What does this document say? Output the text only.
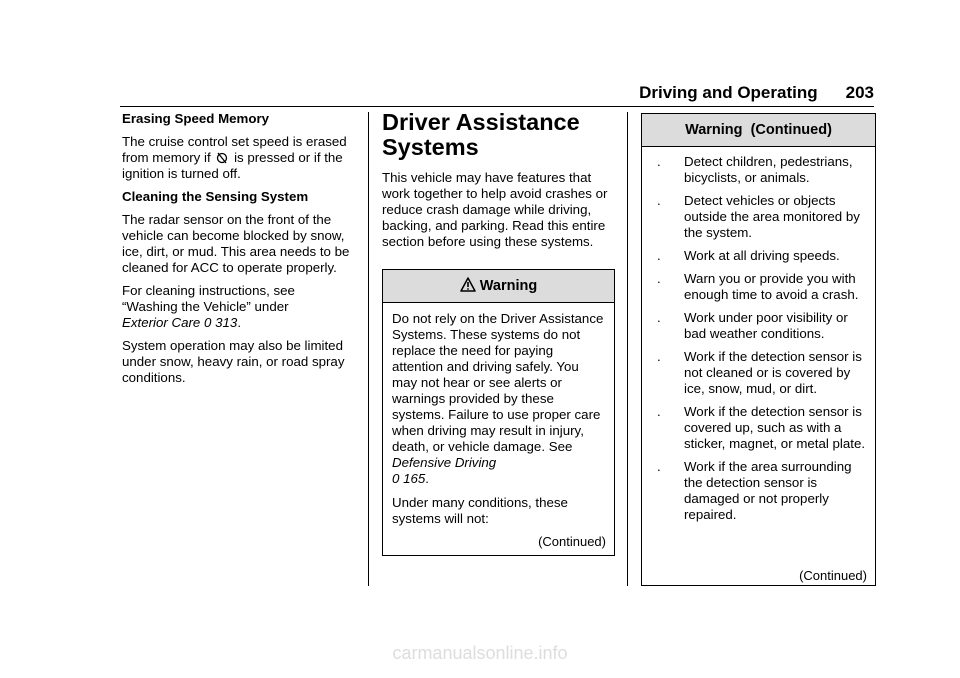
Driving and Operating 203

Erasing Speed Memory

The cruise control set speed is erased from memory if is pressed or if the ignition is turned off.

Cleaning the Sensing System

The radar sensor on the front of the vehicle can become blocked by snow, ice, dirt, or mud. This area needs to be cleaned for ACC to operate properly.

For cleaning instructions, see
“Washing the Vehicle” under
Exterior Care 0 313.

System operation may also be limited under snow, heavy rain, or road spray conditions.

Driver Assistance Systems

This vehicle may have features that work together to help avoid crashes or reduce crash damage while driving, backing, and parking. Read this entire section before using these systems.

Warning

Do not rely on the Driver Assistance Systems. These systems do not replace the need for paying attention and driving safely. You may not hear or see alerts or warnings provided by these systems. Failure to use proper care when driving may result in injury, death, or vehicle damage. See Defensive Driving
0 165.

Under many conditions, these systems will not:

(Continued)
Warning  (Continued)
.	Detect children, pedestrians, bicyclists, or animals.
.	Detect vehicles or objects outside the area monitored by the system.
.	Work at all driving speeds.
.	Warn you or provide you with enough time to avoid a crash.
.	Work under poor visibility or bad weather conditions.
.	Work if the detection sensor is not cleaned or is covered by ice, snow, mud, or dirt.
.	Work if the detection sensor is covered up, such as with a sticker, magnet, or metal plate.
.	Work if the area surrounding the detection sensor is damaged or not properly repaired.
(Continued)
carmanualsonline.info
